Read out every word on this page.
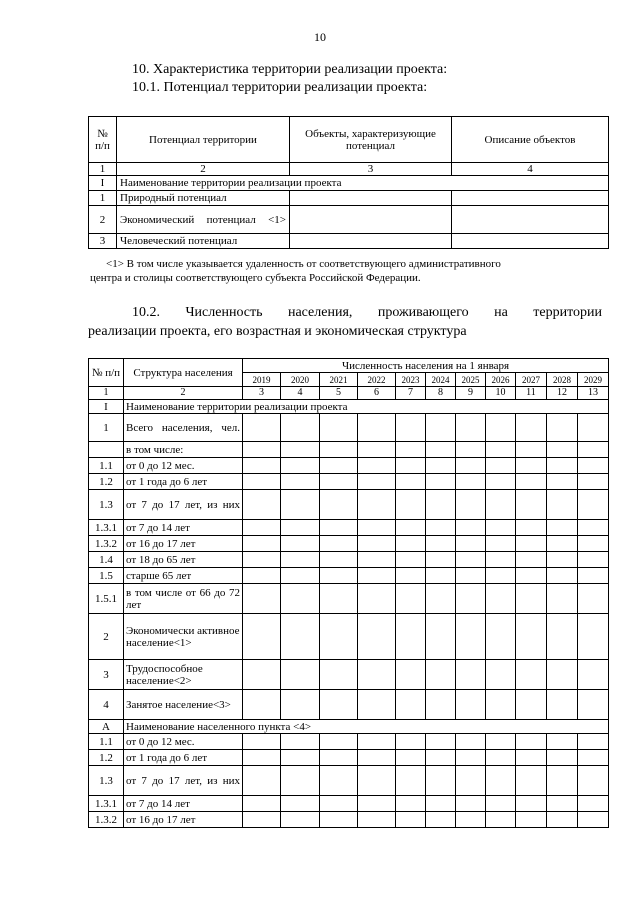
10
10. Характеристика территории реализации проекта:
10.1. Потенциал территории реализации проекта:
№ п/п	Потенциал территории	Объекты, характеризующие потенциал	Описание объектов
1	2	3	4
I	Наименование территории реализации проекта		
1	Природный потенциал		
2	Экономический потенциал <1>		
3	Человеческий потенциал		
<1> В том числе указывается удаленность от соответствующего административного
центра и столицы соответствующего субъекта Российской Федерации.
10.2. Численность населения, проживающего на территории
реализации проекта, его возрастная и экономическая структура
№ п/п	Структура населения	Численность населения на 1 января										
		2019	2020	2021	2022	2023	2024	2025	2026	2027	2028	2029
1	2	3	4	5	6	7	8	9	10	11	12	13
I	Наименование территории реализации проекта											
1	Всего населения, чел.											
	в том числе:											
1.1	от 0 до 12 мес.											
1.2	от 1 года до 6 лет											
1.3	от 7 до 17 лет, из них											
1.3.1	от 7 до 14 лет											
1.3.2	от 16 до 17 лет											
1.4	от 18 до 65 лет											
1.5	старше 65 лет											
1.5.1	в том числе от 66 до 72 лет											
2	Экономически активное население<1>											
3	Трудоспособное население<2>											
4	Занятое население<3>											
А	Наименование населенного пункта <4>											
1.1	от 0 до 12 мес.											
1.2	от 1 года до 6 лет											
1.3	от 7 до 17 лет, из них											
1.3.1	от 7 до 14 лет											
1.3.2	от 16 до 17 лет											
